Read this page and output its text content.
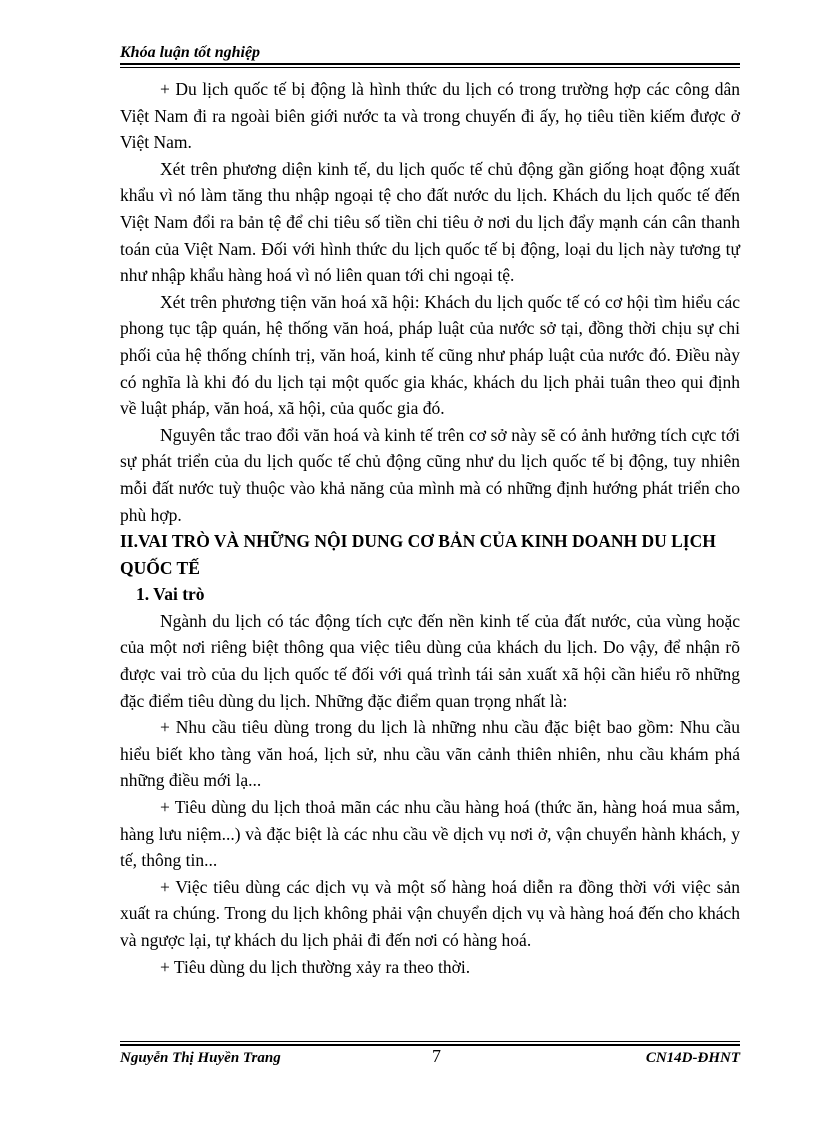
Khóa luận tốt nghiệp

+ Du lịch quốc tế bị động là hình thức du lịch có trong trường hợp các công dân Việt Nam đi ra ngoài biên giới nước ta và trong chuyến đi ấy, họ tiêu tiền kiếm được ở Việt Nam.

Xét trên phương diện kinh tế, du lịch quốc tế chủ động gần giống hoạt động xuất khẩu vì nó làm tăng thu nhập ngoại tệ cho đất nước du lịch. Khách du lịch quốc tế đến Việt Nam đổi ra bản tệ để chi tiêu số tiền chi tiêu ở nơi du lịch đẩy mạnh cán cân thanh toán của Việt Nam. Đối với hình thức du lịch quốc tế bị động, loại du lịch này tương tự như nhập khẩu hàng hoá vì nó liên quan tới chi ngoại tệ.

Xét trên phương tiện văn hoá xã hội: Khách du lịch quốc tế có cơ hội tìm hiểu các phong tục tập quán, hệ thống văn hoá, pháp luật của nước sở tại, đồng thời chịu sự chi phối của hệ thống chính trị, văn hoá, kinh tế cũng như pháp luật của nước đó. Điều này có nghĩa là khi đó du lịch tại một quốc gia khác, khách du lịch phải tuân theo qui định về luật pháp, văn hoá, xã hội, của quốc gia đó.

Nguyên tắc trao đổi văn hoá và kinh tế trên cơ sở này sẽ có ảnh hưởng tích cực tới sự phát triển của du lịch quốc tế chủ động cũng như du lịch quốc tế bị động, tuy nhiên mỗi đất nước tuỳ thuộc vào khả năng của mình mà có những định hướng phát triển cho phù hợp.

II.VAI TRÒ VÀ NHỮNG NỘI DUNG CƠ BẢN CỦA KINH DOANH DU LỊCH QUỐC TẾ
1. Vai trò

Ngành du lịch có tác động tích cực đến nền kinh tế của đất nước, của vùng hoặc của một nơi riêng biệt thông qua việc tiêu dùng của khách du lịch. Do vậy, để nhận rõ được vai trò của du lịch quốc tế đối với quá trình tái sản xuất xã hội cần hiểu rõ những đặc điểm tiêu dùng du lịch. Những đặc điểm quan trọng nhất là:

+ Nhu cầu tiêu dùng trong du lịch là những nhu cầu đặc biệt bao gồm: Nhu cầu hiểu biết kho tàng văn hoá, lịch sử, nhu cầu vãn cảnh thiên nhiên, nhu cầu khám phá những điều mới lạ...

+ Tiêu dùng du lịch thoả mãn các nhu cầu hàng hoá (thức ăn, hàng hoá mua sắm, hàng lưu niệm...) và đặc biệt là các nhu cầu về dịch vụ nơi ở, vận chuyển hành khách, y tế, thông tin...

+ Việc tiêu dùng các dịch vụ và một số hàng hoá diễn ra đồng thời với việc sản xuất ra chúng. Trong du lịch không phải vận chuyển dịch vụ và hàng hoá đến cho khách và ngược lại, tự khách du lịch phải đi đến nơi có hàng hoá.

+ Tiêu dùng du lịch thường xảy ra theo thời.

Nguyễn Thị Huyền Trang	7	CN14D-ĐHNT
